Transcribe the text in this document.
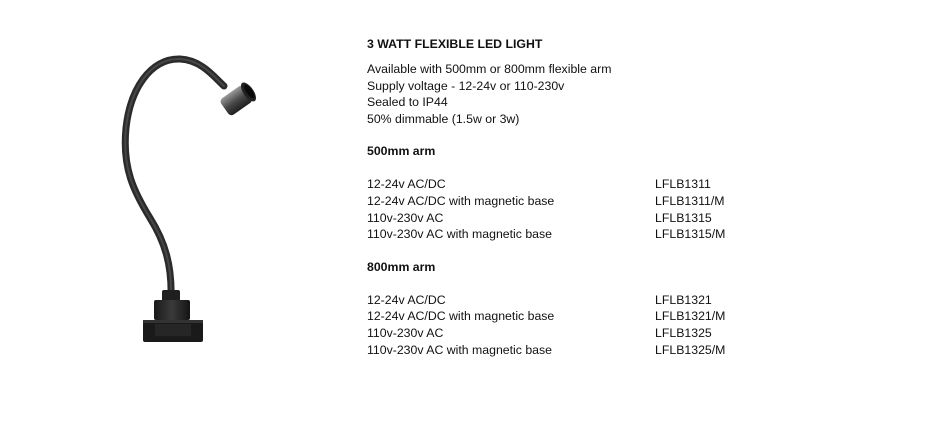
3 WATT FLEXIBLE LED LIGHT
Available with 500mm or 800mm flexible arm
Supply voltage - 12-24v or 110-230v
Sealed to IP44
50% dimmable (1.5w or 3w)
500mm arm
12-24v AC/DC	LFLB1311
12-24v AC/DC with magnetic base	LFLB1311/M
110v-230v AC	LFLB1315
110v-230v AC with magnetic base	LFLB1315/M
800mm arm
12-24v AC/DC	LFLB1321
12-24v AC/DC with magnetic base	LFLB1321/M
110v-230v AC	LFLB1325
110v-230v AC with magnetic base	LFLB1325/M
